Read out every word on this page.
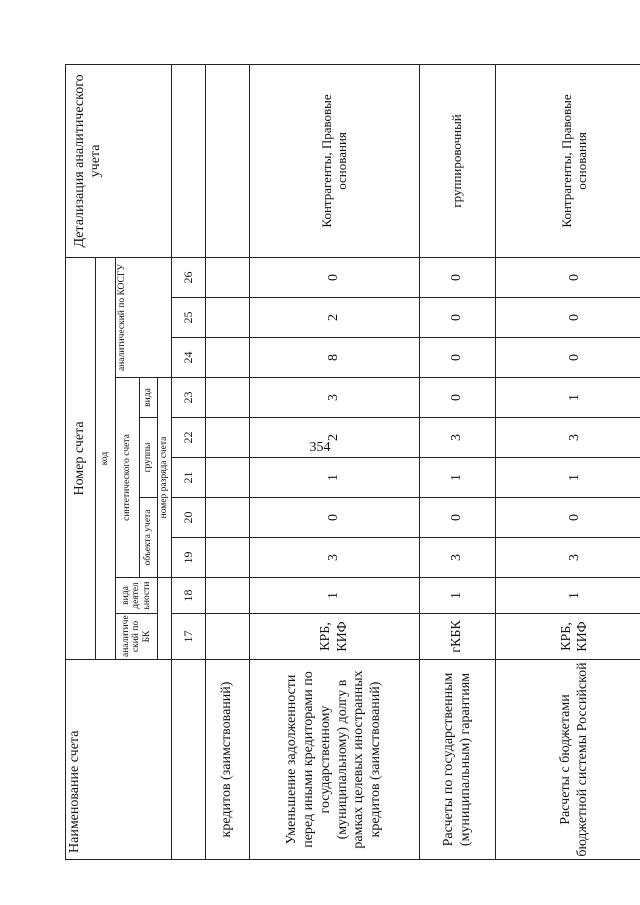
354
Наименование счета	Номер счета										Детализация аналитического учета
	код										
	аналитиче ский по БК	вида деятел ьности	синтетического счета					аналитический по КОСГУ			
			объекта учета		группы		вида				
			номер разряда счета								
	17	18	19	20	21	22	23	24	25	26	
кредитов (заимствований)											
Уменьшение задолженности перед иными кредиторами по государственному (муниципальному) долгу в рамках целевых иностранных кредитов (заимствований)	КРБ, КИФ	1	3	0	1	2	3	8	2	0	Контрагенты, Правовые основания
Расчеты по государственным (муниципальным) гарантиям	гКБК	1	3	0	1	3	0	0	0	0	группировочный
Расчеты с бюджетами бюджетной системы Российской	КРБ, КИФ	1	3	0	1	3	1	0	0	0	Контрагенты, Правовые основания
